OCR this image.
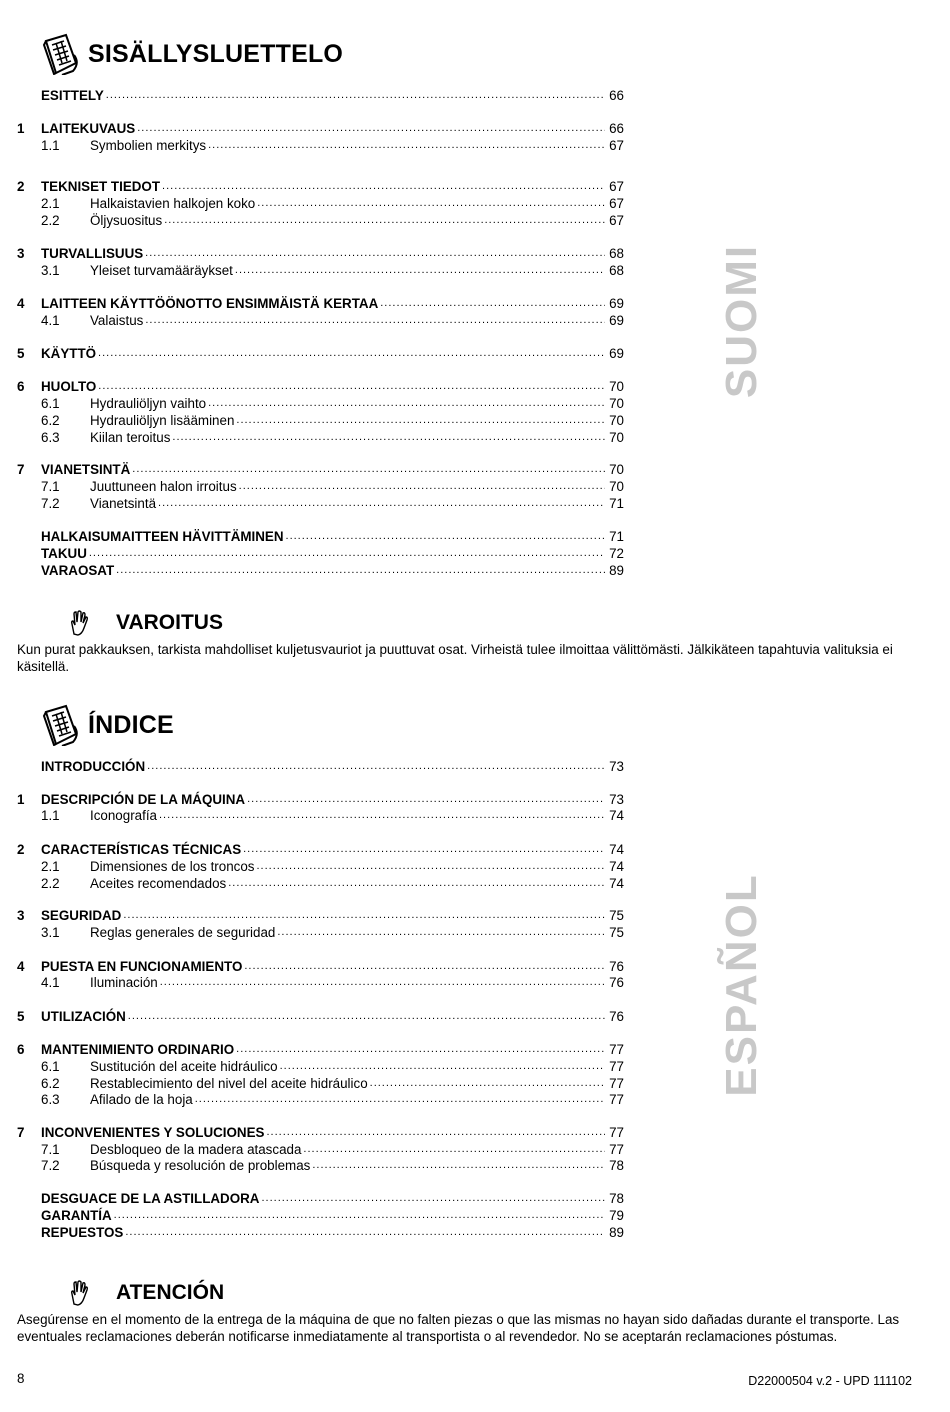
SISÄLLYSLUETTELO
ESITTELY .....	66
1 LAITEKUVAUS .....	66
1.1 Symbolien merkitys .....	67
2 TEKNISET TIEDOT .....	67
2.1 Halkaistavien halkojen koko .....	67
2.2 Öljysuositus .....	67
3 TURVALLISUUS .....	68
3.1 Yleiset turvamääräykset .....	68
4 LAITTEEN KÄYTTÖÖNOTTO ENSIMMÄISTÄ KERTAA .....	69
4.1 Valaistus .....	69
5 KÄYTTÖ .....	69
6 HUOLTO .....	70
6.1 Hydrauliöljyn vaihto .....	70
6.2 Hydrauliöljyn lisääminen .....	70
6.3 Kiilan teroitus .....	70
7 VIANETSINTÄ .....	70
7.1 Juuttuneen halon irroitus .....	70
7.2 Vianetsintä .....	71
HALKAISUMAITTEEN HÄVITTÄMINEN .....	71
TAKUU .....	72
VARAOSAT .....	89
SUOMI
VAROITUS
Kun purat pakkauksen, tarkista mahdolliset kuljetusvauriot ja puuttuvat osat. Virheistä tulee ilmoittaa välittömästi. Jälkikäteen tapahtuvia valituksia ei käsitellä.
ÍNDICE
INTRODUCCIÓN .....	73
1 DESCRIPCIÓN DE LA MÁQUINA .....	73
1.1 Iconografía .....	74
2 CARACTERÍSTICAS TÉCNICAS .....	74
2.1 Dimensiones de los troncos .....	74
2.2 Aceites recomendados .....	74
3 SEGURIDAD .....	75
3.1 Reglas generales de seguridad .....	75
4 PUESTA EN FUNCIONAMIENTO .....	76
4.1 Iluminación .....	76
5 UTILIZACIÓN .....	76
6 MANTENIMIENTO ORDINARIO .....	77
6.1 Sustitución del aceite hidráulico .....	77
6.2 Restablecimiento del nivel del aceite hidráulico .....	77
6.3 Afilado de la hoja .....	77
7 INCONVENIENTES Y SOLUCIONES .....	77
7.1 Desbloqueo de la madera atascada .....	77
7.2 Búsqueda y resolución de problemas .....	78
DESGUACE DE LA ASTILLADORA .....	78
GARANTÍA .....	79
REPUESTOS .....	89
ESPAÑOL
ATENCIÓN
Asegúrense en el momento de la entrega de la máquina de que no falten piezas o que las mismas no hayan sido dañadas durante el transporte. Las eventuales reclamaciones deberán notificarse inmediatamente al transportista o al revendedor. No se aceptarán reclamaciones póstumas.
8	D22000504 v.2 - UPD 111102
